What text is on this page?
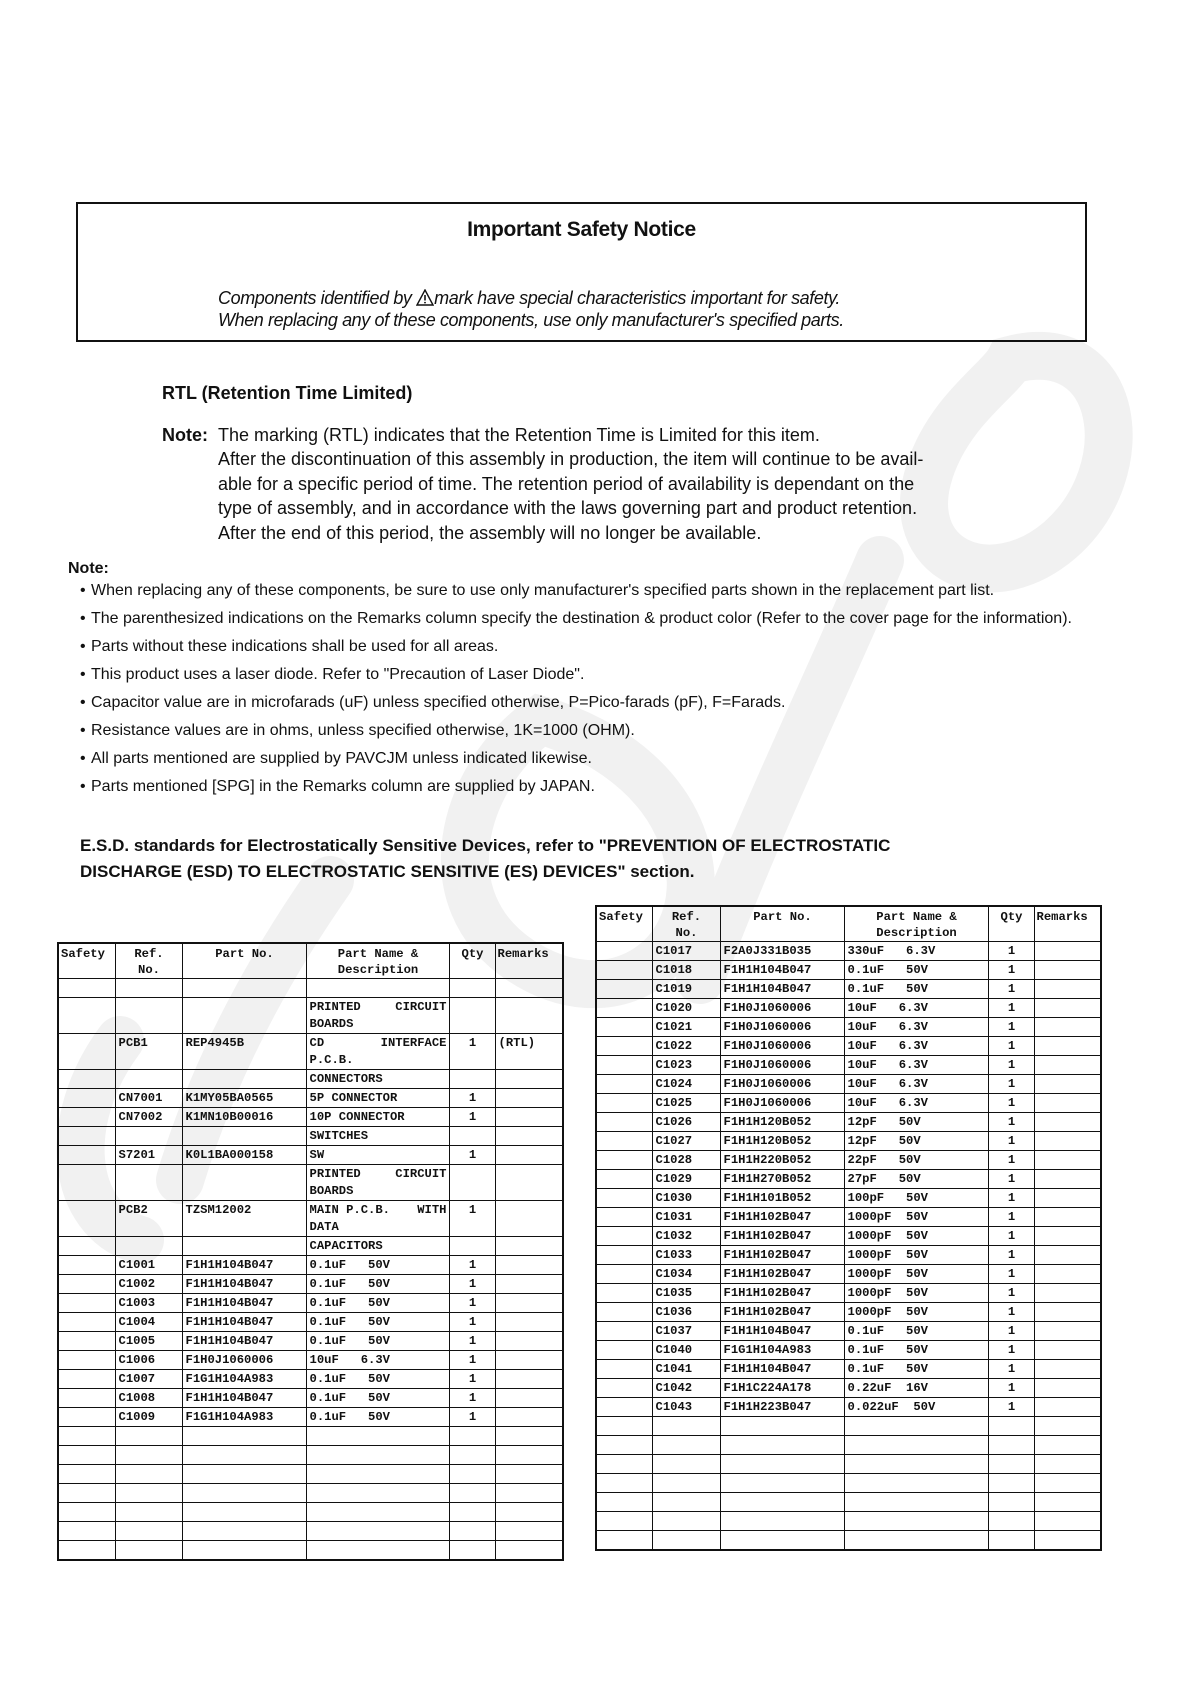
Important Safety Notice
Components identified by mark have special characteristics important for safety.
When replacing any of these components, use only manufacturer's specified parts.
RTL (Retention Time Limited)
Note: The marking (RTL) indicates that the Retention Time is Limited for this item.
After the discontinuation of this assembly in production, the item will continue to be avail-
able for a specific period of time. The retention period of availability is dependant on the
type of assembly, and in accordance with the laws governing part and product retention.
After the end of this period, the assembly will no longer be available.
Note:
• When replacing any of these components, be sure to use only manufacturer's specified parts shown in the replacement part list.
• The parenthesized indications on the Remarks column specify the destination & product color (Refer to the cover page for the information).
• Parts without these indications shall be used for all areas.
• This product uses a laser diode. Refer to "Precaution of Laser Diode".
• Capacitor value are in microfarads (uF) unless specified otherwise, P=Pico-farads (pF), F=Farads.
• Resistance values are in ohms, unless specified otherwise, 1K=1000 (OHM).
• All parts mentioned are supplied by PAVCJM unless indicated likewise.
• Parts mentioned [SPG] in the Remarks column are supplied by JAPAN.
E.S.D. standards for Electrostatically Sensitive Devices, refer to "PREVENTION OF ELECTROSTATIC
DISCHARGE (ESD) TO ELECTROSTATIC SENSITIVE (ES) DEVICES" section.
Safety	Ref.
No.	Part No.	Part Name &
Description	Qty	Remarks

			PRINTED CIRCUIT
BOARDS		

	PCB1	REP4945B	CD INTERFACE
P.C.B.	1	(RTL)
			CONNECTORS		
	CN7001	K1MY05BA0565	5P CONNECTOR	1	
	CN7002	K1MN10B00016	10P CONNECTOR	1	
			SWITCHES		
	S7201	K0L1BA000158	SW	1	

			PRINTED CIRCUIT
BOARDS		

	PCB2	TZSM12002	MAIN P.C.B. WITH
DATA	1	
			CAPACITORS		
	C1001	F1H1H104B047	0.1uF   50V	1	
	C1002	F1H1H104B047	0.1uF   50V	1	
	C1003	F1H1H104B047	0.1uF   50V	1	
	C1004	F1H1H104B047	0.1uF   50V	1	
	C1005	F1H1H104B047	0.1uF   50V	1	
	C1006	F1H0J1060006	10uF   6.3V	1	
	C1007	F1G1H104A983	0.1uF   50V	1	
	C1008	F1H1H104B047	0.1uF   50V	1	
	C1009	F1G1H104A983	0.1uF   50V	1	

Safety	Ref.
No.	Part No.	Part Name &
Description	Qty	Remarks
	C1017	F2A0J331B035	330uF   6.3V	1	
	C1018	F1H1H104B047	0.1uF   50V	1	
	C1019	F1H1H104B047	0.1uF   50V	1	
	C1020	F1H0J1060006	10uF   6.3V	1	
	C1021	F1H0J1060006	10uF   6.3V	1	
	C1022	F1H0J1060006	10uF   6.3V	1	
	C1023	F1H0J1060006	10uF   6.3V	1	
	C1024	F1H0J1060006	10uF   6.3V	1	
	C1025	F1H0J1060006	10uF   6.3V	1	
	C1026	F1H1H120B052	12pF   50V	1	
	C1027	F1H1H120B052	12pF   50V	1	
	C1028	F1H1H220B052	22pF   50V	1	
	C1029	F1H1H270B052	27pF   50V	1	
	C1030	F1H1H101B052	100pF   50V	1	
	C1031	F1H1H102B047	1000pF  50V	1	
	C1032	F1H1H102B047	1000pF  50V	1	
	C1033	F1H1H102B047	1000pF  50V	1	
	C1034	F1H1H102B047	1000pF  50V	1	
	C1035	F1H1H102B047	1000pF  50V	1	
	C1036	F1H1H102B047	1000pF  50V	1	
	C1037	F1H1H104B047	0.1uF   50V	1	
	C1040	F1G1H104A983	0.1uF   50V	1	
	C1041	F1H1H104B047	0.1uF   50V	1	
	C1042	F1H1C224A178	0.22uF  16V	1	
	C1043	F1H1H223B047	0.022uF  50V	1	
